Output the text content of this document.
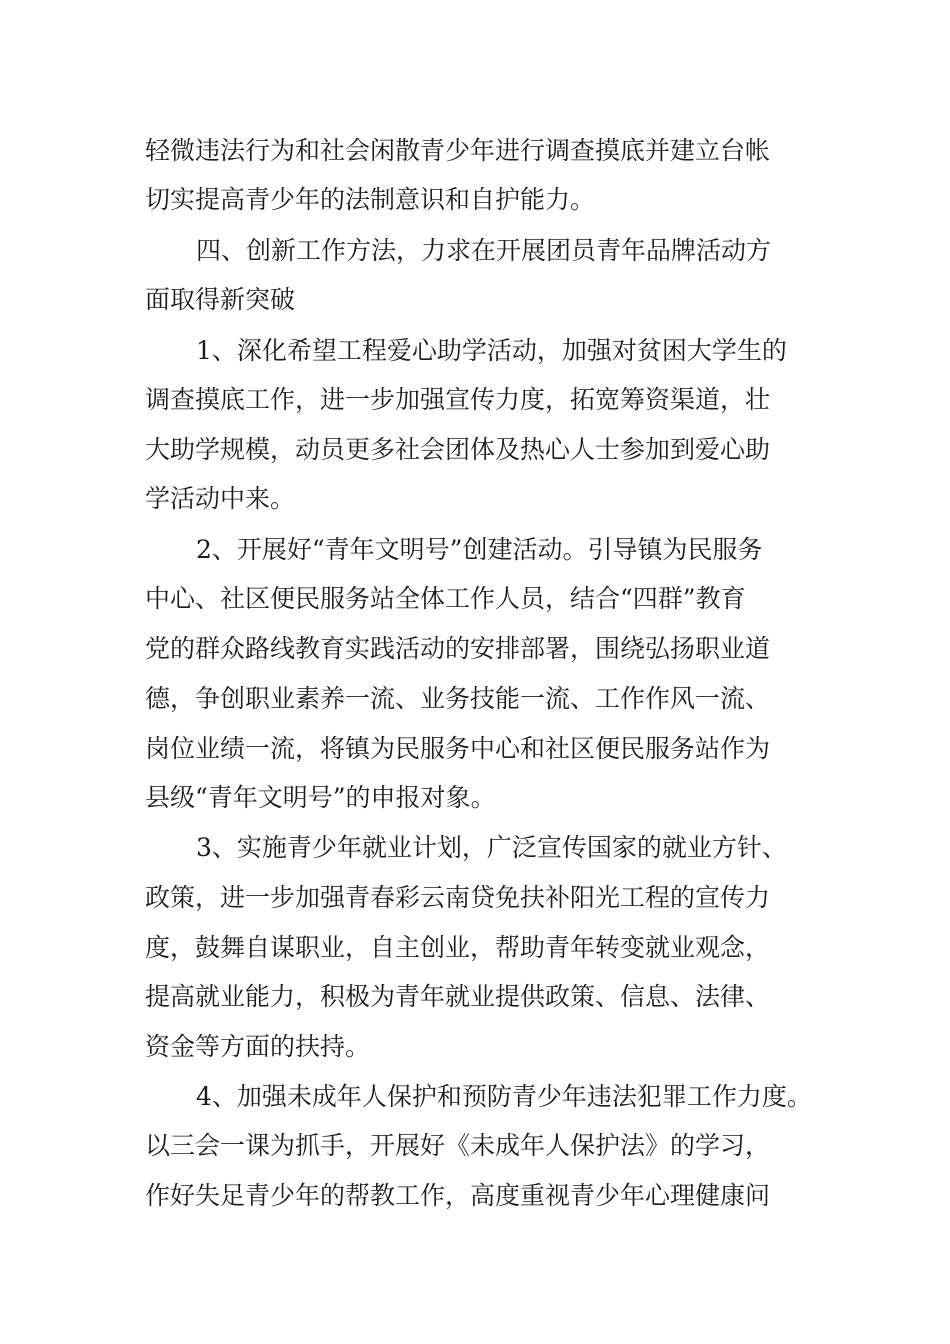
轻微违法行为和社会闲散青少年进行调查摸底并建立台帐
切实提高青少年的法制意识和自护能力。
四、创新工作方法，力求在开展团员青年品牌活动方
面取得新突破
1、深化希望工程爱心助学活动，加强对贫困大学生的
调查摸底工作，进一步加强宣传力度，拓宽筹资渠道，壮
大助学规模，动员更多社会团体及热心人士参加到爱心助
学活动中来。
2、开展好“青年文明号”创建活动。引导镇为民服务
中心、社区便民服务站全体工作人员，结合“四群”教育
党的群众路线教育实践活动的安排部署，围绕弘扬职业道
德，争创职业素养一流、业务技能一流、工作作风一流、
岗位业绩一流，将镇为民服务中心和社区便民服务站作为
县级“青年文明号”的申报对象。
3、实施青少年就业计划，广泛宣传国家的就业方针、
政策，进一步加强青春彩云南贷免扶补阳光工程的宣传力
度，鼓舞自谋职业，自主创业，帮助青年转变就业观念，
提高就业能力，积极为青年就业提供政策、信息、法律、
资金等方面的扶持。
4、加强未成年人保护和预防青少年违法犯罪工作力度。
以三会一课为抓手，开展好《未成年人保护法》的学习，
作好失足青少年的帮教工作，高度重视青少年心理健康问
